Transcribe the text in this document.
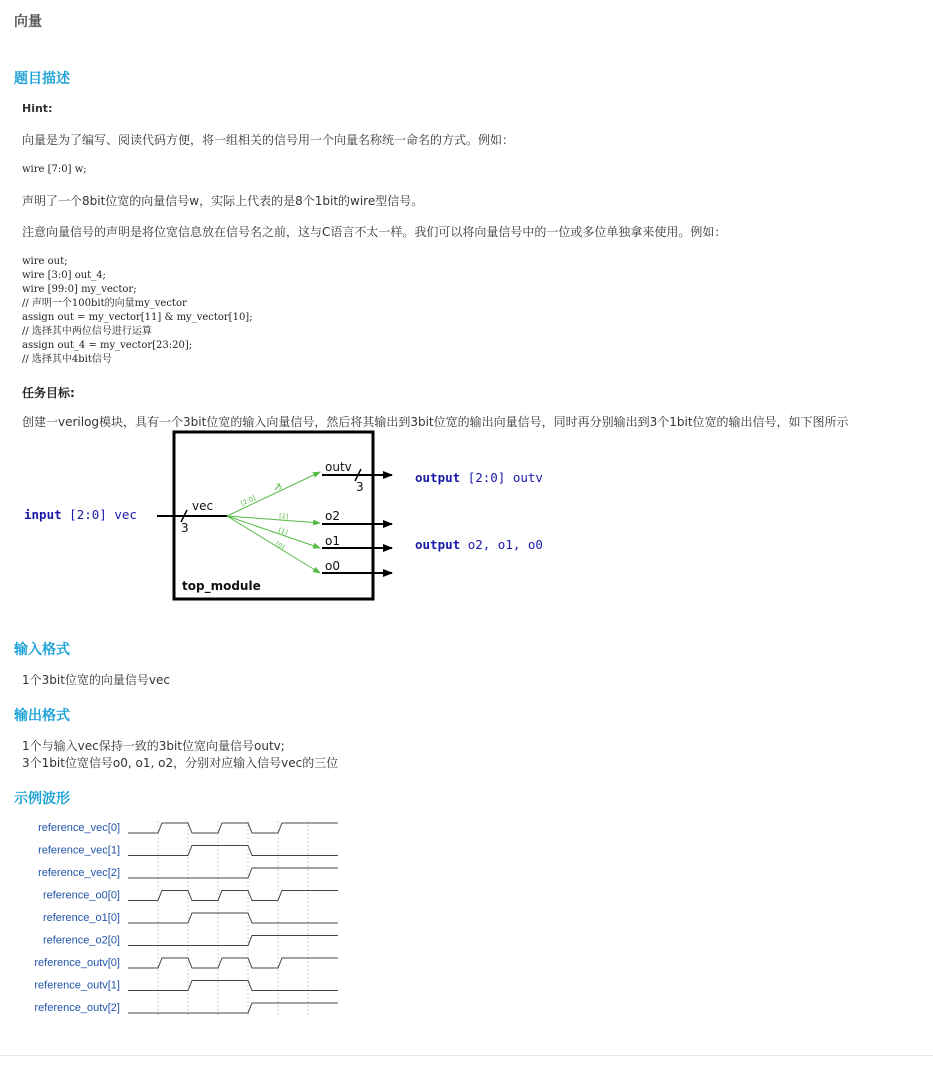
向量
题目描述
Hint:
向量是为了编写、阅读代码方便，将一组相关的信号用一个向量名称统一命名的方式。例如：
wire [7:0] w;
声明了一个8bit位宽的向量信号w，实际上代表的是8个1bit的wire型信号。
注意向量信号的声明是将位宽信息放在信号名之前，这与C语言不太一样。我们可以将向量信号中的一位或多位单独拿来使用。例如：
wire out;
wire [3:0] out_4;
wire [99:0] my_vector;
// 声明一个100bit的向量my_vector
assign out = my_vector[11] & my_vector[10];
// 选择其中两位信号进行运算
assign out_4 = my_vector[23:20];
// 选择其中4bit信号
任务目标:
创建一verilog模块，具有一个3bit位宽的输入向量信号，然后将其输出到3bit位宽的输出向量信号，同时再分别输出到3个1bit位宽的输出信号，如下图所示
input [2:0] vec
top_module
3
vec	[2:0]
3
[2]
[1]
[0]
outv
3
o2
o1
o0
output [2:0] outv
output o2, o1, o0
输入格式
1个3bit位宽的向量信号vec
输出格式
1个与输入vec保持一致的3bit位宽向量信号outv;
3个1bit位宽信号o0, o1, o2，分别对应输入信号vec的三位
示例波形
reference_vec[0]
reference_vec[1]
reference_vec[2]
reference_o0[0]
reference_o1[0]
reference_o2[0]
reference_outv[0]
reference_outv[1]
reference_outv[2]
